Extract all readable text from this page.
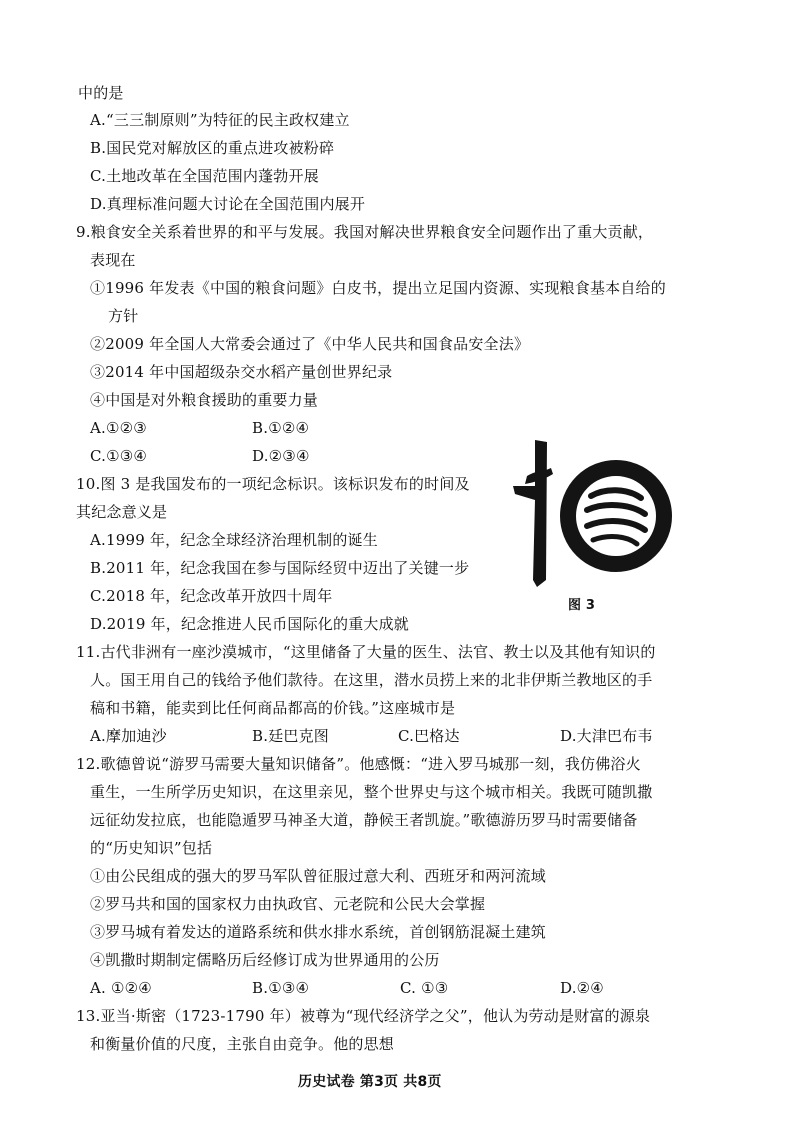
中的是
A.“三三制原则”为特征的民主政权建立
B.国民党对解放区的重点进攻被粉碎
C.土地改革在全国范围内蓬勃开展
D.真理标准问题大讨论在全国范围内展开
9.粮食安全关系着世界的和平与发展。我国对解决世界粮食安全问题作出了重大贡献，
表现在
①1996 年发表《中国的粮食问题》白皮书，提出立足国内资源、实现粮食基本自给的
方针
②2009 年全国人大常委会通过了《中华人民共和国食品安全法》
③2014 年中国超级杂交水稻产量创世界纪录
④中国是对外粮食援助的重要力量
A.①②③	B.①②④
C.①③④	D.②③④
10.图 3 是我国发布的一项纪念标识。该标识发布的时间及
其纪念意义是
A.1999 年，纪念全球经济治理机制的诞生
B.2011 年，纪念我国在参与国际经贸中迈出了关键一步
C.2018 年，纪念改革开放四十周年
D.2019 年，纪念推进人民币国际化的重大成就
图 3
11.古代非洲有一座沙漠城市，“这里储备了大量的医生、法官、教士以及其他有知识的
人。国王用自己的钱给予他们款待。在这里，潜水员捞上来的北非伊斯兰教地区的手
稿和书籍，能卖到比任何商品都高的价钱。”这座城市是
A.摩加迪沙	B.廷巴克图	C.巴格达	D.大津巴布韦
12.歌德曾说“游罗马需要大量知识储备”。他感慨：“进入罗马城那一刻，我仿佛浴火
重生，一生所学历史知识，在这里亲见，整个世界史与这个城市相关。我既可随凯撒
远征幼发拉底，也能隐遁罗马神圣大道，静候王者凯旋。”歌德游历罗马时需要储备
的“历史知识”包括
①由公民组成的强大的罗马军队曾征服过意大利、西班牙和两河流域
②罗马共和国的国家权力由执政官、元老院和公民大会掌握
③罗马城有着发达的道路系统和供水排水系统，首创钢筋混凝土建筑
④凯撒时期制定儒略历后经修订成为世界通用的公历
A. ①②④	B.①③④	C. ①③	D.②④
13.亚当·斯密（1723-1790 年）被尊为“现代经济学之父”，他认为劳动是财富的源泉
和衡量价值的尺度，主张自由竞争。他的思想
历史试卷 第3页 共8页
